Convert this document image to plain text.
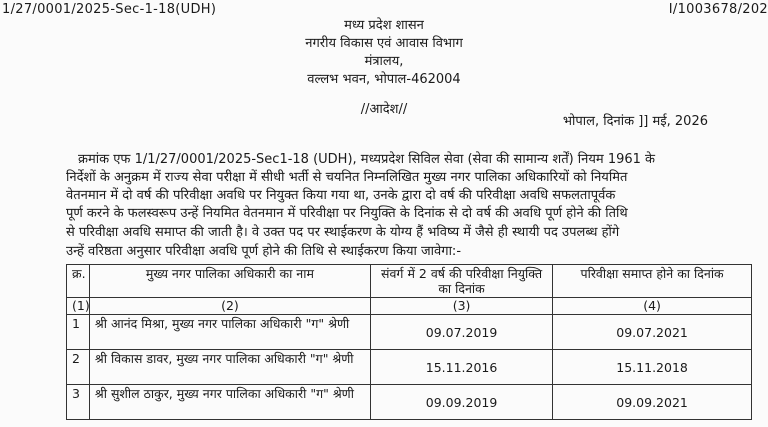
1/27/0001/2025-Sec-1-18(UDH)	I/1003678/202
मध्य प्रदेश शासन
नगरीय विकास एवं आवास विभाग
मंत्रालय,
वल्लभ भवन, भोपाल-462004
//आदेश//
भोपाल, दिनांक ]] मई, 2026
क्रमांक एफ 1/1/27/0001/2025-Sec1-18 (UDH), मध्यप्रदेश सिविल सेवा (सेवा की सामान्य शर्तें) नियम 1961 के
निर्देशों के अनुक्रम में राज्य सेवा परीक्षा में सीधी भर्ती से चयनित निम्नलिखित मुख्य नगर पालिका अधिकारियों को नियमित
वेतनमान में दो वर्ष की परिवीक्षा अवधि पर नियुक्त किया गया था, उनके द्वारा दो वर्ष की परिवीक्षा अवधि सफलतापूर्वक
पूर्ण करने के फलस्वरूप उन्हें नियमित वेतनमान में परिवीक्षा पर नियुक्ति के दिनांक से दो वर्ष की अवधि पूर्ण होने की तिथि
से परिवीक्षा अवधि समाप्त की जाती है। वे उक्त पद पर स्थाईकरण के योग्य हैं भविष्य में जैसे ही स्थायी पद उपलब्ध होंगे
उन्हें वरिष्ठता अनुसार परिवीक्षा अवधि पूर्ण होने की तिथि से स्थाईकरण किया जावेगा:-
क्र.	मुख्य नगर पालिका अधिकारी का नाम	संवर्ग में 2 वर्ष की परिवीक्षा नियुक्ति का दिनांक	परिवीक्षा समाप्त होने का दिनांक
(1)	(2)	(3)	(4)
1	श्री आनंद मिश्रा, मुख्य नगर पालिका अधिकारी "ग" श्रेणी	09.07.2019	09.07.2021
2	श्री विकास डावर, मुख्य नगर पालिका अधिकारी "ग" श्रेणी	15.11.2016	15.11.2018
3	श्री सुशील ठाकुर, मुख्य नगर पालिका अधिकारी "ग" श्रेणी	09.09.2019	09.09.2021
